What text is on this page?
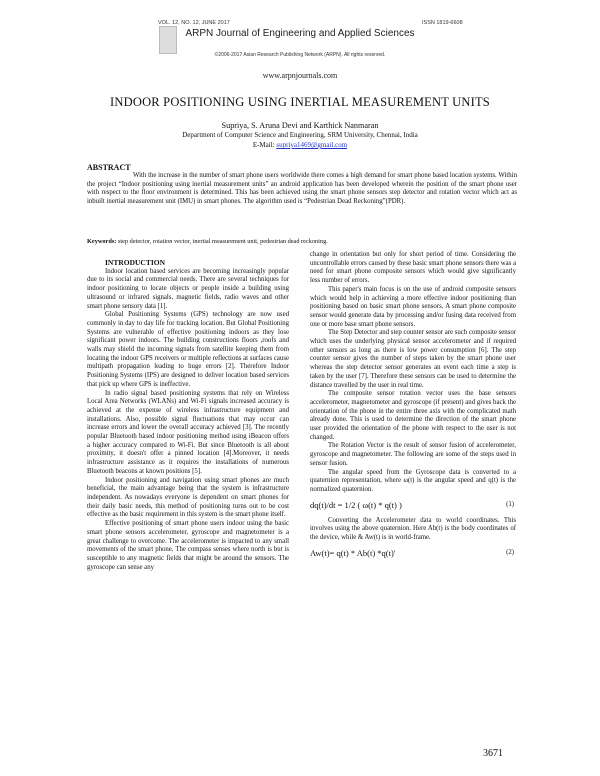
VOL. 12, NO. 12, JUNE 2017	ISSN 1819-6608
ARPN Journal of Engineering and Applied Sciences
©2006-2017 Asian Research Publishing Network (ARPN). All rights reserved.
www.arpnjournals.com
INDOOR POSITIONING USING INERTIAL MEASUREMENT UNITS
Supriya, S. Aruna Devi and Karthick Nanmaran
Department of Computer Science and Engineering, SRM University, Chennai, India
E-Mail: supriya1469@gmail.com
ABSTRACT

With the increase in the number of smart phone users worldwide there comes a high demand for smart phone based location systems. Within the project “Indoor positioning using inertial measurement units” an android application has been developed wherein the position of the smart phone user with respect to the floor environment is determined. This has been achieved using the smart phone sensors step detector and rotation vector which act as inbuilt inertial measurement unit (IMU) in smart phones. The algorithm used is “Pedestrian Dead Reckoning”(PDR).

Keywords: step detector, rotation vector, inertial measurement unit, pedestrian dead reckoning.

INTRODUCTION

Indoor location based services are becoming increasingly popular due to its social and commercial needs. There are several techniques for indoor positioning to locate objects or people inside a building using ultrasound or infrared signals, magnetic fields, radio waves and other smart phone sensory data [1].

Global Positioning Systems (GPS) technology are now used commonly in day to day life for tracking location. But Global Positioning Systems are vulnerable of effective positioning indoors as they lose significant power indoors. The building constructions floors ,roofs and walls may shield the incoming signals from satellite keeping them from locating the indoor GPS receivers or multiple reflections at surfaces cause multipath propagation leading to huge errors [2]. Therefore Indoor Positioning Systems (IPS) are designed to deliver location based services that pick up where GPS is ineffective.

In radio signal based positioning systems that rely on Wireless Local Area Networks (WLANs) and Wi-Fi signals increased accuracy is achieved at the expense of wireless infrastructure equipment and installations. Also, possible signal fluctuations that may occur can increase errors and lower the overall accuracy achieved [3]. The recently popular Bluetooth based indoor positioning method using iBeacon offers a higher accuracy compared to Wi-Fi. But since Bluetooth is all about proximity, it doesn't offer a pinned location [4].Moreover, it needs infrastructure assistance as it requires the installations of numerous Bluetooth beacons at known positions [5].

Indoor positioning and navigation using smart phones are much beneficial, the main advantage being that the system is infrastructure independent. As nowadays everyone is dependent on smart phones for their daily basic needs, this method of positioning turns out to be cost effective as the basic requirement in this system is the smart phone itself.

Effective positioning of smart phone users indoor using the basic smart phone sensors accelerometer, gyroscope and magnetometer is a great challenge to overcome. The accelerometer is impacted to any small movements of the smart phone. The compass senses where north is but is susceptible to any magnetic fields that might be around the sensors. The gyroscope can sense any

change in orientation but only for short period of time. Considering the uncontrollable errors caused by these basic smart phone sensors there was a need for smart phone composite sensors which would give significantly less number of errors.

This paper's main focus is on the use of android composite sensors which would help in achieving a more effective indoor positioning than positioning based on basic smart phone sensors. A smart phone composite sensor would generate data by processing and/or fusing data received from one or more base smart phone sensors.

The Step Detector and step counter sensor are such composite sensor which uses the underlying physical sensor accelerometer and if required other sensors as long as there is low power consumption [6]. The step counter sensor gives the number of steps taken by the smart phone user whereas the step detector sensor generates an event each time a step is taken by the user [7]. Therefore these sensors can be used to determine the distance travelled by the user in real time.

The composite sensor rotation vector uses the base sensors accelerometer, magnetometer and gyroscope (if present) and gives back the orientation of the phone in the entire three axis with the complicated math already done. This is used to determine the direction of the smart phone user provided the orientation of the phone with respect to the user is not changed.

The Rotation Vector is the result of sensor fusion of accelerometer, gyroscope and magnetometer. The following are some of the steps used in sensor fusion.

The angular speed from the Gyroscope data is converted to a quaternion representation, where ω(t) is the angular speed and q(t) is the normalized quaternion.

dq(t)/dt = 1/2 ( ω(t) * q(t) )	(1)

Converting the Accelerometer data to world coordinates. This involves using the above quaternion. Here Ab(t) is the body coordinates of the device, while & Aw(t) is in world-frame.

Aw(t)= q(t) * Ab(t) *q(t)'	(2)
3671
